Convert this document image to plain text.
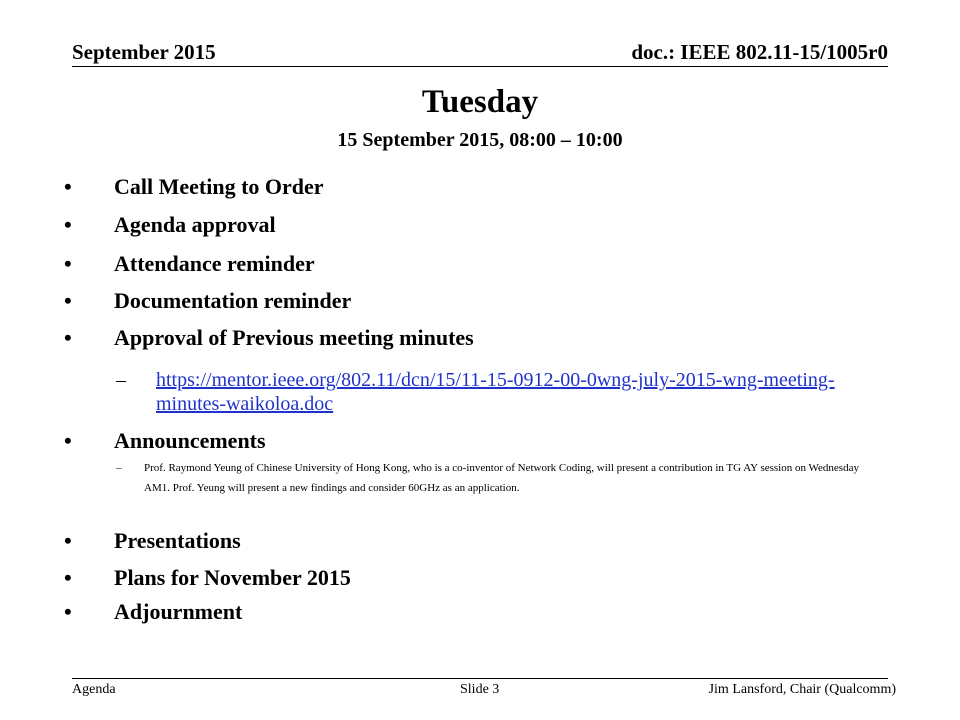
September 2015	doc.: IEEE 802.11-15/1005r0
Tuesday
15 September 2015, 08:00 – 10:00
• Call Meeting to Order
• Agenda approval
• Attendance reminder
• Documentation reminder
• Approval of Previous meeting minutes
– https://mentor.ieee.org/802.11/dcn/15/11-15-0912-00-0wng-july-2015-wng-meeting-minutes-waikoloa.doc
• Announcements
– Prof. Raymond Yeung of Chinese University of Hong Kong, who is a co-inventor of Network Coding, will present a contribution in TG AY session on Wednesday AM1. Prof. Yeung will present a new findings and consider 60GHz as an application.
• Presentations
• Plans for November 2015
• Adjournment
Agenda	Slide 3	Jim Lansford, Chair (Qualcomm)
